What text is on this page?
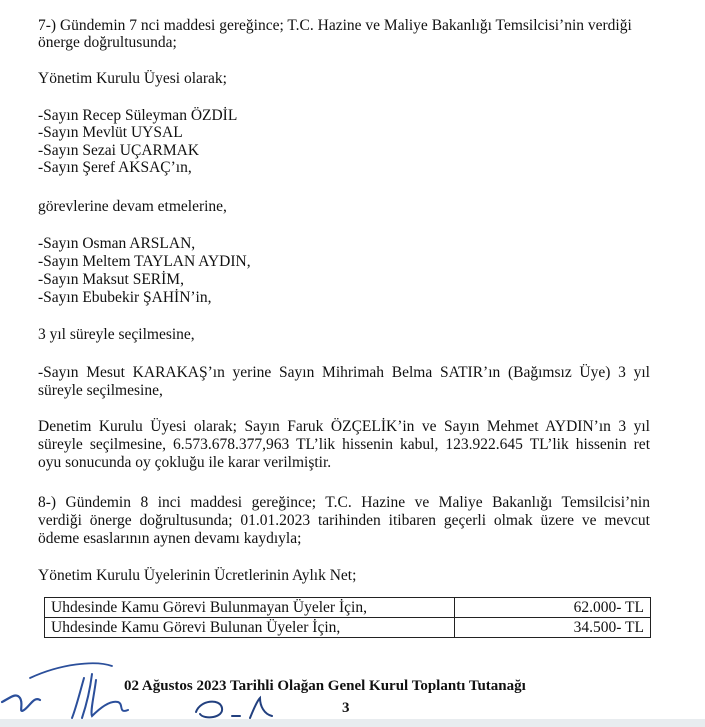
7-) Gündemin 7 nci maddesi gereğince; T.C. Hazine ve Maliye Bakanlığı Temsilcisi’nin verdiği
önerge doğrultusunda;
Yönetim Kurulu Üyesi olarak;
-Sayın Recep Süleyman ÖZDİL
-Sayın Mevlüt UYSAL
-Sayın Sezai UÇARMAK
-Sayın Şeref AKSAÇ’ın,
görevlerine devam etmelerine,
-Sayın Osman ARSLAN,
-Sayın Meltem TAYLAN AYDIN,
-Sayın Maksut SERİM,
-Sayın Ebubekir ŞAHİN’in,
3 yıl süreyle seçilmesine,
-Sayın Mesut KARAKAŞ’ın yerine Sayın Mihrimah Belma SATIR’ın (Bağımsız Üye) 3 yıl
süreyle seçilmesine,
Denetim Kurulu Üyesi olarak; Sayın Faruk ÖZÇELİK’in ve Sayın Mehmet AYDIN’ın 3 yıl
süreyle seçilmesine, 6.573.678.377,963 TL’lik hissenin kabul, 123.922.645 TL’lik hissenin ret
oyu sonucunda oy çokluğu ile karar verilmiştir.
8-) Gündemin 8 inci maddesi gereğince; T.C. Hazine ve Maliye Bakanlığı Temsilcisi’nin
verdiği önerge doğrultusunda; 01.01.2023 tarihinden itibaren geçerli olmak üzere ve mevcut
ödeme esaslarının aynen devamı kaydıyla;
Yönetim Kurulu Üyelerinin Ücretlerinin Aylık Net;
Uhdesinde Kamu Görevi Bulunmayan Üyeler İçin,	62.000- TL
Uhdesinde Kamu Görevi Bulunan Üyeler İçin,	34.500- TL
02 Ağustos 2023 Tarihli Olağan Genel Kurul Toplantı Tutanağı
3
